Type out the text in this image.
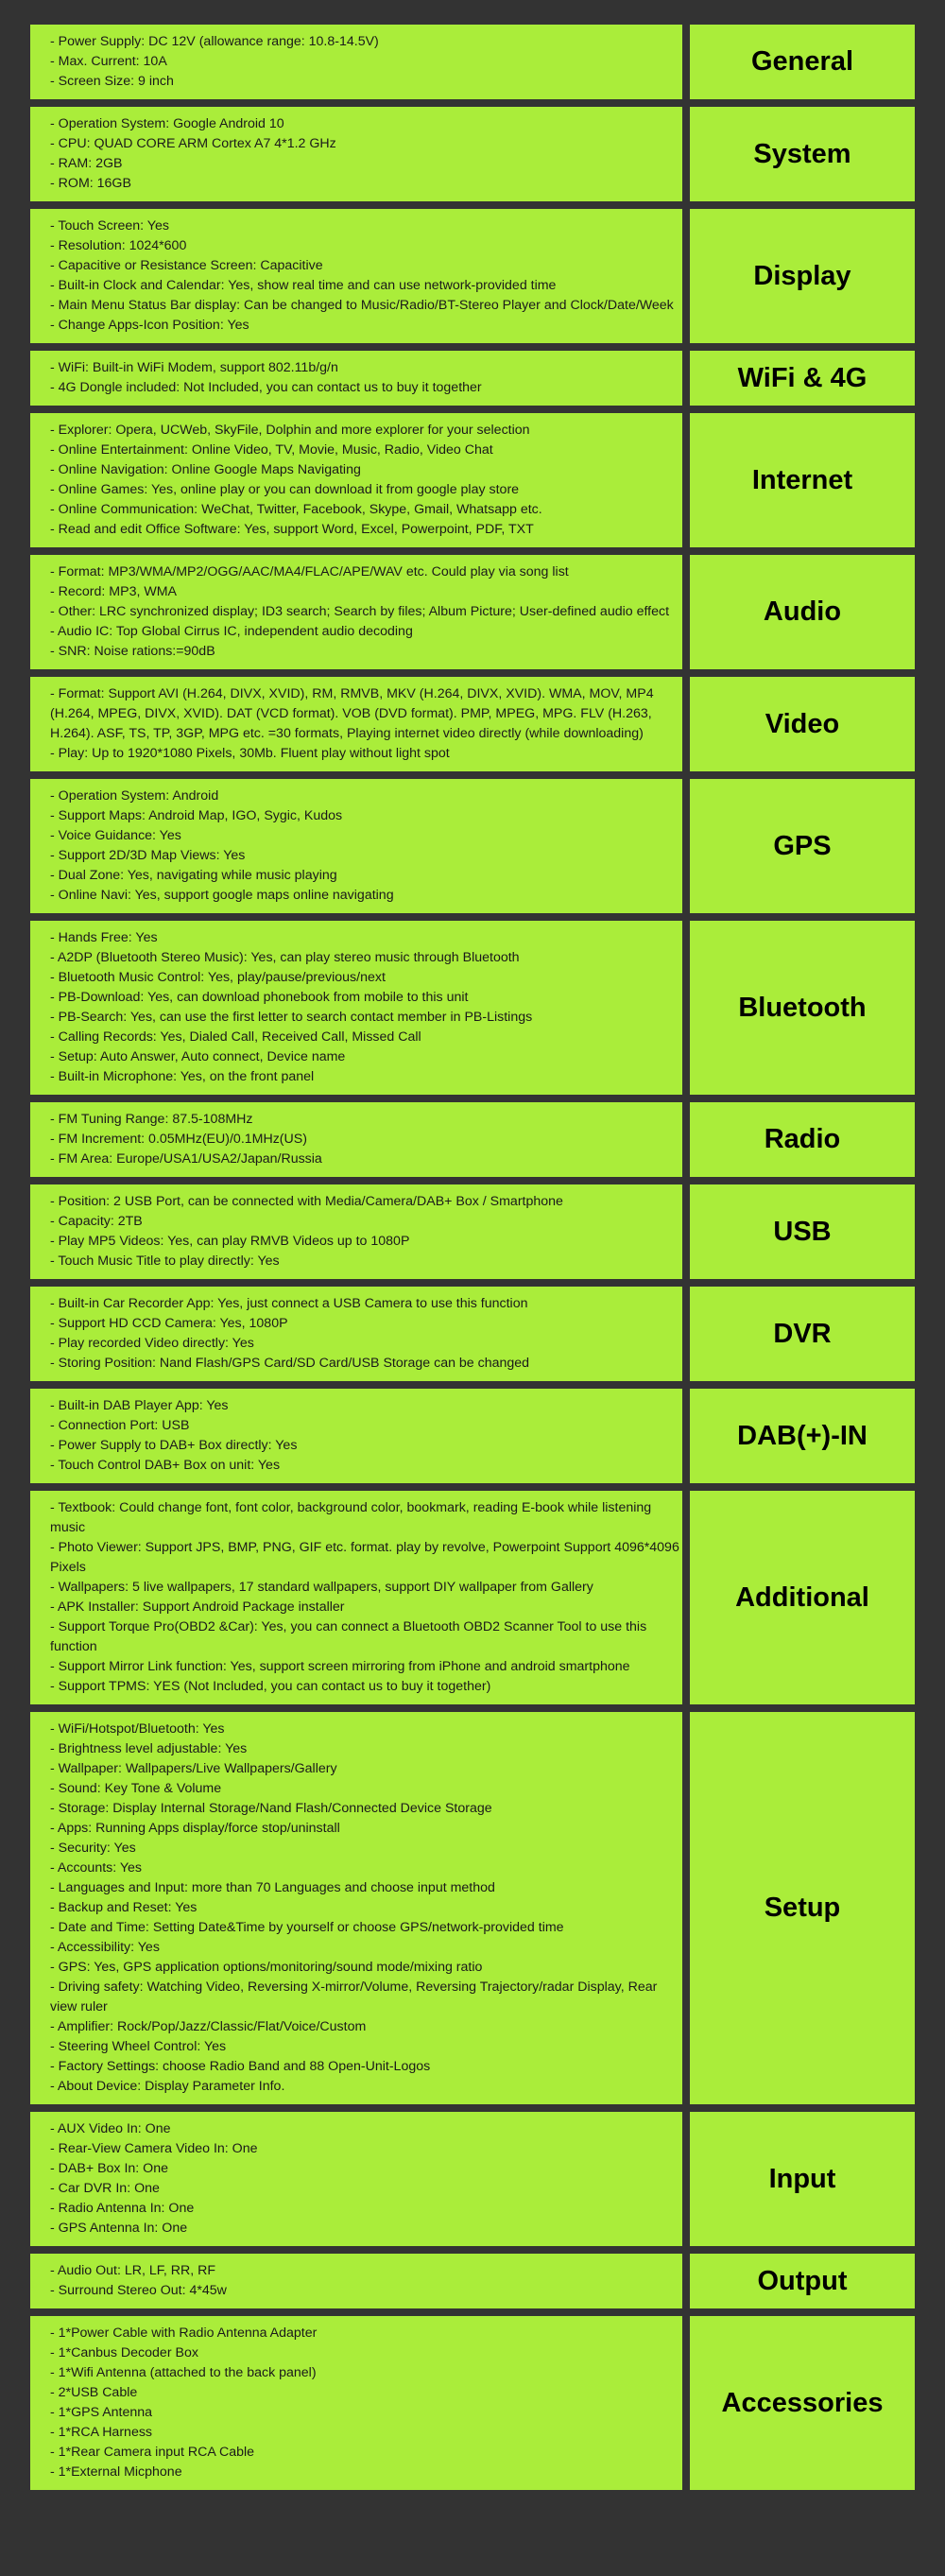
- Power Supply: DC 12V (allowance range: 10.8-14.5V)
- Max. Current: 10A
- Screen Size: 9 inch
General
- Operation System: Google Android 10
- CPU: QUAD CORE ARM Cortex A7 4*1.2 GHz
- RAM: 2GB
- ROM: 16GB
System
- Touch Screen: Yes
- Resolution: 1024*600
- Capacitive or Resistance Screen: Capacitive
- Built-in Clock and Calendar: Yes, show real time and can use network-provided time
- Main Menu Status Bar display: Can be changed to Music/Radio/BT-Stereo Player and Clock/Date/Week
- Change Apps-Icon Position: Yes
Display
- WiFi: Built-in WiFi Modem, support 802.11b/g/n
- 4G Dongle included: Not Included, you can contact us to buy it together	WiFi & 4G
- Explorer: Opera, UCWeb, SkyFile, Dolphin and more explorer for your selection
- Online Entertainment: Online Video, TV, Movie, Music, Radio, Video Chat
- Online Navigation: Online Google Maps Navigating
- Online Games: Yes, online play or you can download it from google play store
- Online Communication: WeChat, Twitter, Facebook, Skype, Gmail, Whatsapp etc.
- Read and edit Office Software: Yes, support Word, Excel, Powerpoint, PDF, TXT
Internet
- Format: MP3/WMA/MP2/OGG/AAC/MA4/FLAC/APE/WAV etc. Could play via song list
- Record: MP3, WMA
- Other: LRC synchronized display; ID3 search; Search by files; Album Picture; User-defined audio effect
- Audio IC: Top Global Cirrus IC, independent audio decoding
- SNR: Noise rations:=90dB
Audio
- Format: Support AVI (H.264, DIVX, XVID), RM, RMVB, MKV (H.264, DIVX, XVID). WMA, MOV, MP4 (H.264, MPEG, DIVX, XVID). DAT (VCD format). VOB (DVD format). PMP, MPEG, MPG. FLV (H.263, H.264). ASF, TS, TP, 3GP, MPG etc. =30 formats, Playing internet video directly (while downloading)
- Play: Up to 1920*1080 Pixels, 30Mb. Fluent play without light spot
Video
- Operation System: Android
- Support Maps: Android Map, IGO, Sygic, Kudos
- Voice Guidance: Yes
- Support 2D/3D Map Views: Yes
- Dual Zone: Yes, navigating while music playing
- Online Navi: Yes, support google maps online navigating
GPS
- Hands Free: Yes
- A2DP (Bluetooth Stereo Music): Yes, can play stereo music through Bluetooth
- Bluetooth Music Control: Yes, play/pause/previous/next
- PB-Download: Yes, can download phonebook from mobile to this unit
- PB-Search: Yes, can use the first letter to search contact member in PB-Listings
- Calling Records: Yes, Dialed Call, Received Call, Missed Call
- Setup: Auto Answer, Auto connect, Device name
- Built-in Microphone: Yes, on the front panel
Bluetooth
- FM Tuning Range: 87.5-108MHz
- FM Increment: 0.05MHz(EU)/0.1MHz(US)
- FM Area: Europe/USA1/USA2/Japan/Russia
Radio
- Position: 2 USB Port, can be connected with Media/Camera/DAB+ Box / Smartphone
- Capacity: 2TB
- Play MP5 Videos: Yes, can play RMVB Videos up to 1080P
- Touch Music Title to play directly: Yes
USB
- Built-in Car Recorder App: Yes, just connect a USB Camera to use this function
- Support HD CCD Camera: Yes, 1080P
- Play recorded Video directly: Yes
- Storing Position: Nand Flash/GPS Card/SD Card/USB Storage can be changed
DVR
- Built-in DAB Player App: Yes
- Connection Port: USB
- Power Supply to DAB+ Box directly: Yes
- Touch Control DAB+ Box on unit: Yes
DAB(+)-IN
- Textbook: Could change font, font color, background color, bookmark, reading E-book while listening music
- Photo Viewer: Support JPS, BMP, PNG, GIF etc. format. play by revolve, Powerpoint Support 4096*4096 Pixels
- Wallpapers: 5 live wallpapers, 17 standard wallpapers, support DIY wallpaper from Gallery
- APK Installer: Support Android Package installer
- Support Torque Pro(OBD2 &Car): Yes, you can connect a Bluetooth OBD2 Scanner Tool to use this function
- Support Mirror Link function: Yes, support screen mirroring from iPhone and android smartphone
- Support TPMS: YES (Not Included, you can contact us to buy it together)
Additional
- WiFi/Hotspot/Bluetooth: Yes
- Brightness level adjustable: Yes
- Wallpaper: Wallpapers/Live Wallpapers/Gallery
- Sound: Key Tone & Volume
- Storage: Display Internal Storage/Nand Flash/Connected Device Storage
- Apps: Running Apps display/force stop/uninstall
- Security: Yes
- Accounts: Yes
- Languages and Input: more than 70 Languages and choose input method
- Backup and Reset: Yes
- Date and Time: Setting Date&Time by yourself or choose GPS/network-provided time
- Accessibility: Yes
- GPS: Yes, GPS application options/monitoring/sound mode/mixing ratio
- Driving safety: Watching Video, Reversing X-mirror/Volume, Reversing Trajectory/radar Display, Rear view ruler
- Amplifier: Rock/Pop/Jazz/Classic/Flat/Voice/Custom
- Steering Wheel Control: Yes
- Factory Settings: choose Radio Band and 88 Open-Unit-Logos
- About Device: Display Parameter Info.
Setup
- AUX Video In: One
- Rear-View Camera Video In: One
- DAB+ Box In: One
- Car DVR In: One
- Radio Antenna In: One
- GPS Antenna In: One
Input
- Audio Out: LR, LF, RR, RF
- Surround Stereo Out: 4*45w	Output
- 1*Power Cable with Radio Antenna Adapter
- 1*Canbus Decoder Box
- 1*Wifi Antenna (attached to the back panel)
- 2*USB Cable
- 1*GPS Antenna
- 1*RCA Harness
- 1*Rear Camera input RCA Cable
- 1*External Micphone
Accessories
